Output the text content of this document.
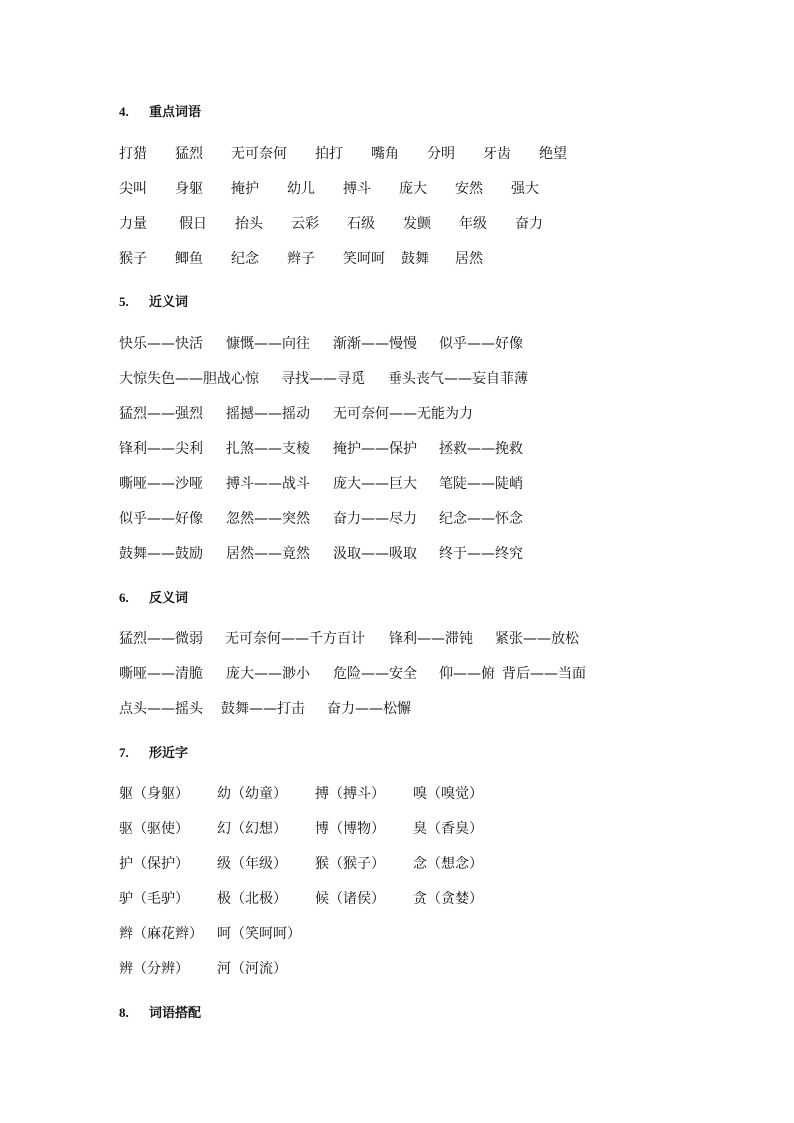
4. 重点词语
打猎 猛烈 无可奈何 拍打 嘴角 分明 牙齿 绝望
尖叫 身躯 掩护 幼儿 搏斗 庞大 安然 强大
力量 假日 抬头 云彩 石级 发颤 年级 奋力
猴子 鲫鱼 纪念 辫子 笑呵呵 鼓舞 居然
5. 近义词
快乐——快活 慷慨——向往 渐渐——慢慢 似乎——好像
大惊失色——胆战心惊 寻找——寻觅 垂头丧气——妄自菲薄
猛烈——强烈 摇撼——摇动 无可奈何——无能为力
锋利——尖利 扎煞——支棱 掩护——保护 拯救——挽救
嘶哑——沙哑 搏斗——战斗 庞大——巨大 笔陡——陡峭
似乎——好像 忽然——突然 奋力——尽力 纪念——怀念
鼓舞——鼓励 居然——竟然 汲取——吸取 终于——终究
6. 反义词
猛烈——微弱 无可奈何——千方百计 锋利——滞钝 紧张——放松
嘶哑——清脆 庞大——渺小 危险——安全 仰——俯 背后——当面
点头——摇头 鼓舞——打击 奋力——松懈
7. 形近字
躯（身躯） 幼（幼童） 搏（搏斗） 嗅（嗅觉）
驱（驱使） 幻（幻想） 博（博物） 臭（香臭）
护（保护） 级（年级） 猴（猴子） 念（想念）
驴（毛驴） 极（北极） 候（诸侯） 贪（贪婪）
辫（麻花辫） 呵（笑呵呵）
辨（分辨） 河（河流）
8. 词语搭配
